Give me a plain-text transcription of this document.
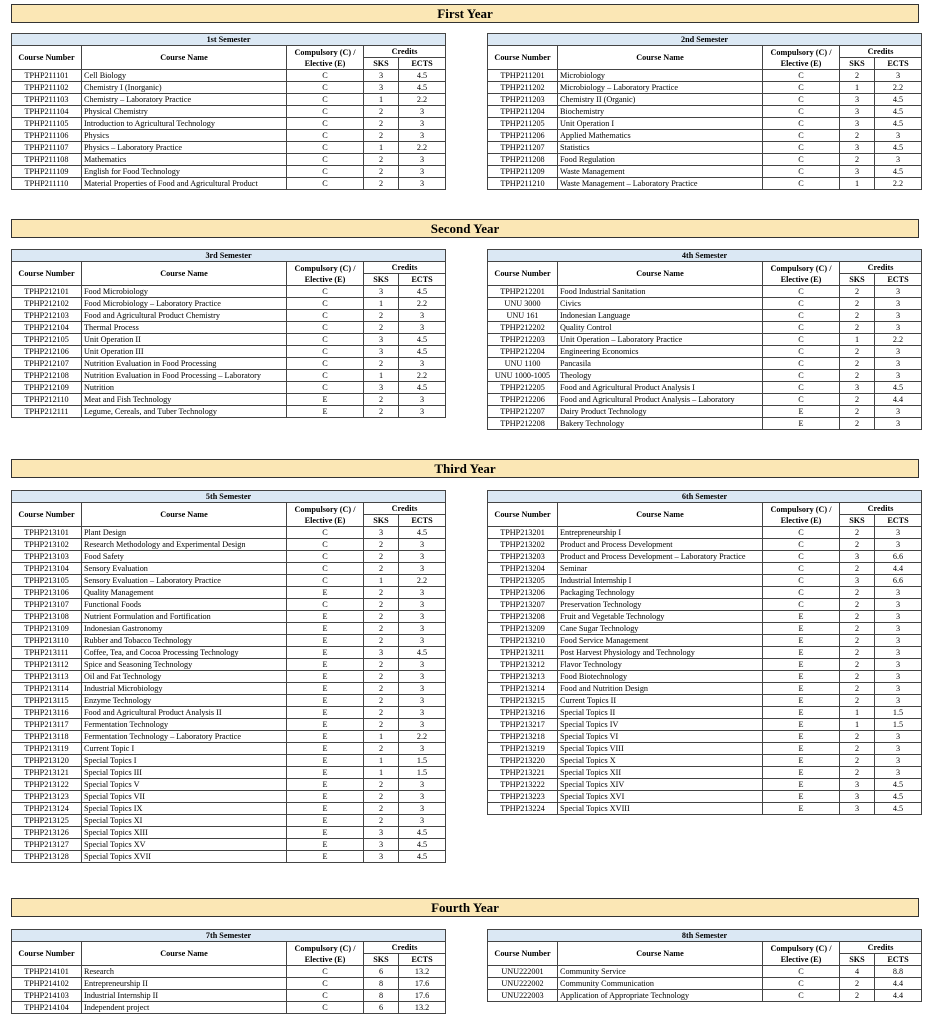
First Year
1st Semester				
Course Number	Course Name	Compulsory (C) / Elective (E)	Credits	
			SKS	ECTS
TPHP211101	Cell Biology	C	3	4.5
TPHP211102	Chemistry I (Inorganic)	C	3	4.5
TPHP211103	Chemistry – Laboratory Practice	C	1	2.2
TPHP211104	Physical Chemistry	C	2	3
TPHP211105	Introduction to Agricultural Technology	C	2	3
TPHP211106	Physics	C	2	3
TPHP211107	Physics – Laboratory Practice	C	1	2.2
TPHP211108	Mathematics	C	2	3
TPHP211109	English for Food Technology	C	2	3
TPHP211110	Material Properties of Food and Agricultural Product	C	2	3
2nd Semester				
Course Number	Course Name	Compulsory (C) / Elective (E)	Credits	
			SKS	ECTS
TPHP211201	Microbiology	C	2	3
TPHP211202	Microbiology – Laboratory Practice	C	1	2.2
TPHP211203	Chemistry II (Organic)	C	3	4.5
TPHP211204	Biochemistry	C	3	4.5
TPHP211205	Unit Operation I	C	3	4.5
TPHP211206	Applied Mathematics	C	2	3
TPHP211207	Statistics	C	3	4.5
TPHP211208	Food Regulation	C	2	3
TPHP211209	Waste Management	C	3	4.5
TPHP211210	Waste Management – Laboratory Practice	C	1	2.2
Second Year
3rd Semester				
Course Number	Course Name	Compulsory (C) / Elective (E)	Credits	
			SKS	ECTS
TPHP212101	Food Microbiology	C	3	4.5
TPHP212102	Food Microbiology – Laboratory Practice	C	1	2.2
TPHP212103	Food and Agricultural Product Chemistry	C	2	3
TPHP212104	Thermal Process	C	2	3
TPHP212105	Unit Operation II	C	3	4.5
TPHP212106	Unit Operation III	C	3	4.5
TPHP212107	Nutrition Evaluation in Food Processing	C	2	3
TPHP212108	Nutrition Evaluation in Food Processing – Laboratory	C	1	2.2
TPHP212109	Nutrition	C	3	4.5
TPHP212110	Meat and Fish Technology	E	2	3
TPHP212111	Legume, Cereals, and Tuber Technology	E	2	3
4th Semester				
Course Number	Course Name	Compulsory (C) / Elective (E)	Credits	
			SKS	ECTS
TPHP212201	Food Industrial Sanitation	C	2	3
UNU 3000	Civics	C	2	3
UNU 161	Indonesian Language	C	2	3
TPHP212202	Quality Control	C	2	3
TPHP212203	Unit Operation – Laboratory Practice	C	1	2.2
TPHP212204	Engineering Economics	C	2	3
UNU 1100	Pancasila	C	2	3
UNU 1000-1005	Theology	C	2	3
TPHP212205	Food and Agricultural Product Analysis I	C	3	4.5
TPHP212206	Food and Agricultural Product Analysis – Laboratory	C	2	4.4
TPHP212207	Dairy Product Technology	E	2	3
TPHP212208	Bakery Technology	E	2	3
Third Year
5th Semester				
Course Number	Course Name	Compulsory (C) / Elective (E)	Credits	
			SKS	ECTS
TPHP213101	Plant Design	C	3	4.5
TPHP213102	Research Methodology and Experimental Design	C	2	3
TPHP213103	Food Safety	C	2	3
TPHP213104	Sensory Evaluation	C	2	3
TPHP213105	Sensory Evaluation – Laboratory Practice	C	1	2.2
TPHP213106	Quality Management	E	2	3
TPHP213107	Functional Foods	C	2	3
TPHP213108	Nutrient Formulation and Fortification	E	2	3
TPHP213109	Indonesian Gastronomy	E	2	3
TPHP213110	Rubber and Tobacco Technology	E	2	3
TPHP213111	Coffee, Tea, and Cocoa Processing Technology	E	3	4.5
TPHP213112	Spice and Seasoning Technology	E	2	3
TPHP213113	Oil and Fat Technology	E	2	3
TPHP213114	Industrial Microbiology	E	2	3
TPHP213115	Enzyme Technology	E	2	3
TPHP213116	Food and Agricultural Product Analysis II	E	2	3
TPHP213117	Fermentation Technology	E	2	3
TPHP213118	Fermentation Technology – Laboratory Practice	E	1	2.2
TPHP213119	Current Topic I	E	2	3
TPHP213120	Special Topics I	E	1	1.5
TPHP213121	Special Topics III	E	1	1.5
TPHP213122	Special Topics V	E	2	3
TPHP213123	Special Topics VII	E	2	3
TPHP213124	Special Topics IX	E	2	3
TPHP213125	Special Topics XI	E	2	3
TPHP213126	Special Topics XIII	E	3	4.5
TPHP213127	Special Topics XV	E	3	4.5
TPHP213128	Special Topics XVII	E	3	4.5
6th Semester				
Course Number	Course Name	Compulsory (C) / Elective (E)	Credits	
			SKS	ECTS
TPHP213201	Entrepreneurship I	C	2	3
TPHP213202	Product and Process Development	C	2	3
TPHP213203	Product and Process Development – Laboratory Practice	C	3	6.6
TPHP213204	Seminar	C	2	4.4
TPHP213205	Industrial Internship I	C	3	6.6
TPHP213206	Packaging Technology	C	2	3
TPHP213207	Preservation Technology	C	2	3
TPHP213208	Fruit and Vegetable Technology	E	2	3
TPHP213209	Cane Sugar Technology	E	2	3
TPHP213210	Food Service Management	E	2	3
TPHP213211	Post Harvest Physiology and Technology	E	2	3
TPHP213212	Flavor Technology	E	2	3
TPHP213213	Food Biotechnology	E	2	3
TPHP213214	Food and Nutrition Design	E	2	3
TPHP213215	Current Topics II	E	2	3
TPHP213216	Special Topics II	E	1	1.5
TPHP213217	Special Topics IV	E	1	1.5
TPHP213218	Special Topics VI	E	2	3
TPHP213219	Special Topics VIII	E	2	3
TPHP213220	Special Topics X	E	2	3
TPHP213221	Special Topics XII	E	2	3
TPHP213222	Special Topics XIV	E	3	4.5
TPHP213223	Special Topics XVI	E	3	4.5
TPHP213224	Special Topics XVIII	E	3	4.5
Fourth Year
7th Semester				
Course Number	Course Name	Compulsory (C) / Elective (E)	Credits	
			SKS	ECTS
TPHP214101	Research	C	6	13.2
TPHP214102	Entrepreneurship II	C	8	17.6
TPHP214103	Industrial Internship II	C	8	17.6
TPHP214104	Independent project	C	6	13.2
8th Semester				
Course Number	Course Name	Compulsory (C) / Elective (E)	Credits	
			SKS	ECTS
UNU222001	Community Service	C	4	8.8
UNU222002	Community Communication	C	2	4.4
UNU222003	Application of Appropriate Technology	C	2	4.4
